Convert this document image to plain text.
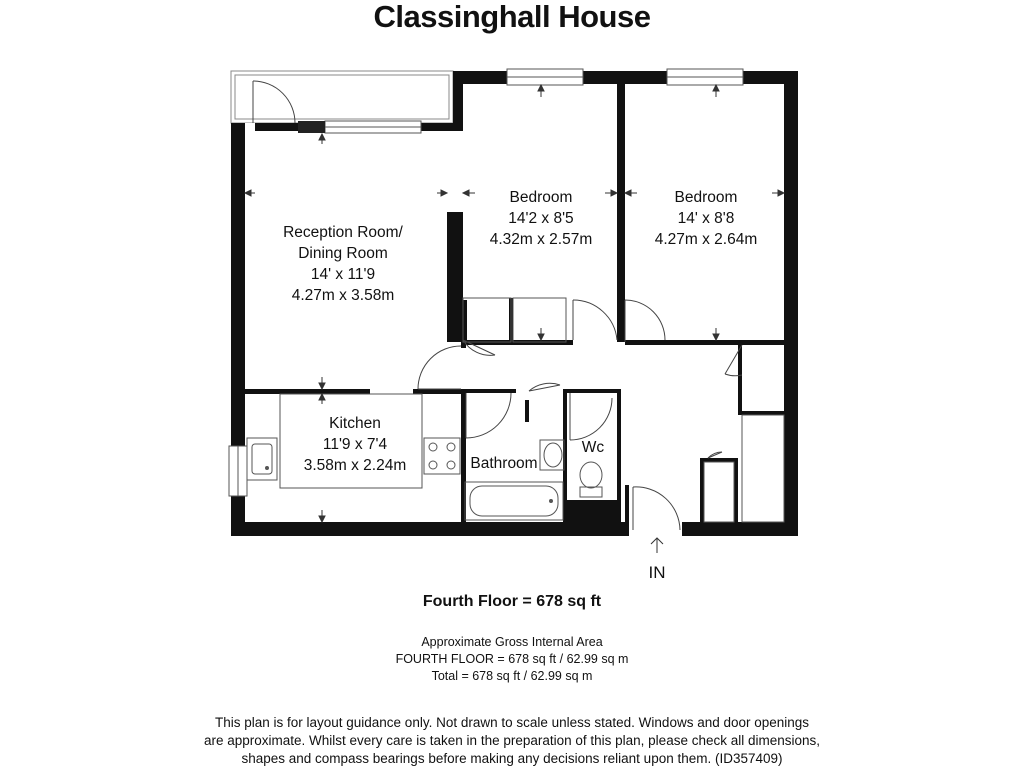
Classinghall House
Reception Room/
Dining Room
14' x 11'9
4.27m x 3.58m
Bedroom
14'2 x 8'5
4.32m x 2.57m
Bedroom
14' x 8'8
4.27m x 2.64m
Kitchen
11'9 x 7'4
3.58m x 2.24m	Bathroom
Wc
IN
Fourth Floor = 678 sq ft
Approximate Gross Internal Area
FOURTH FLOOR = 678 sq ft / 62.99 sq m
Total = 678 sq ft / 62.99 sq m
This plan is for layout guidance only. Not drawn to scale unless stated. Windows and door openings
are approximate. Whilst every care is taken in the preparation of this plan, please check all dimensions,
shapes and compass bearings before making any decisions reliant upon them. (ID357409)
